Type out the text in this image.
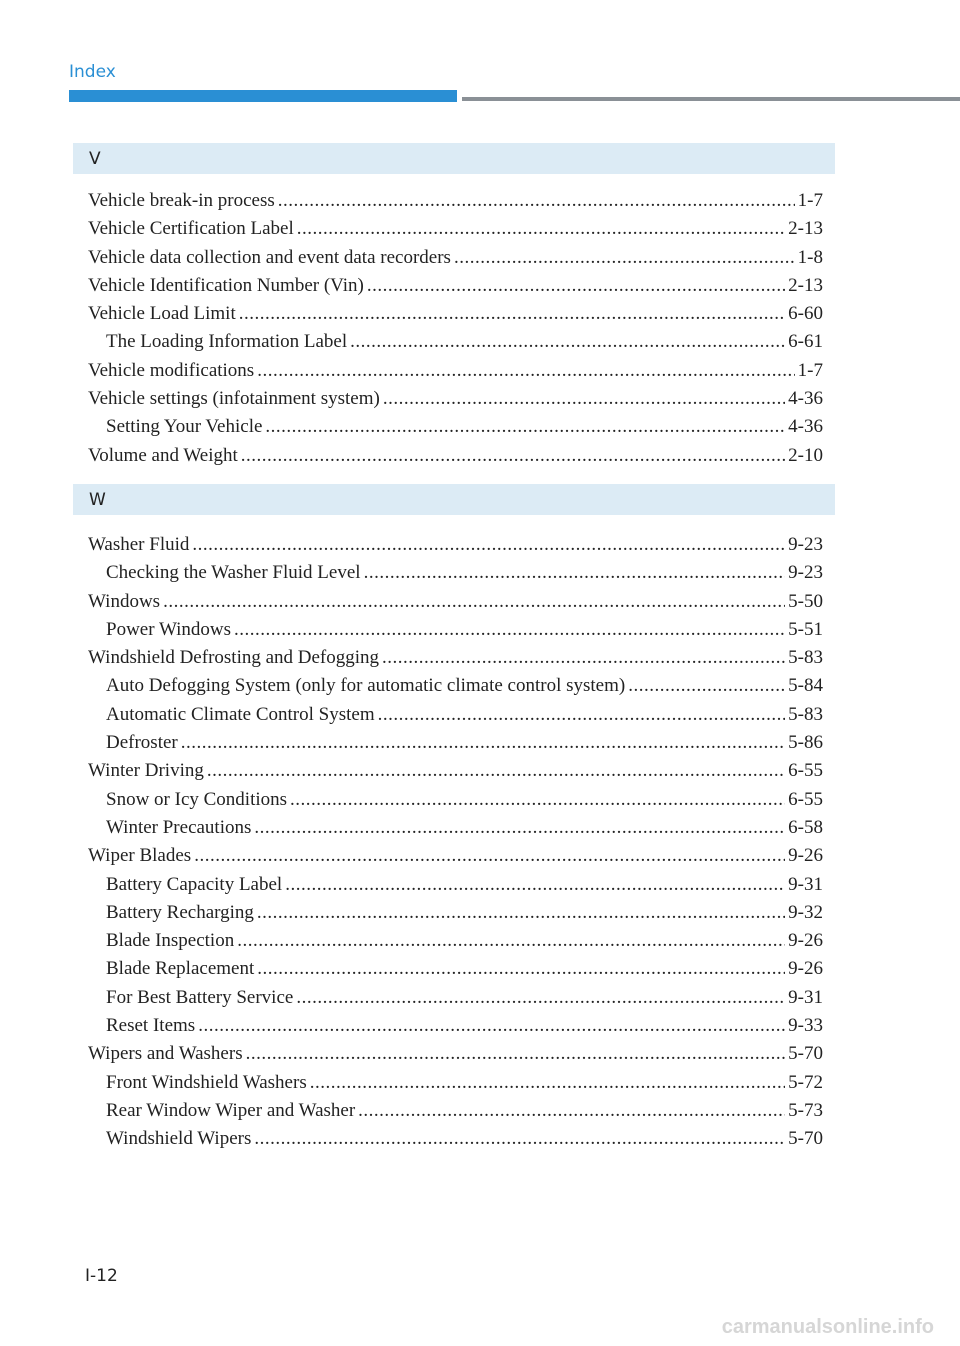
Index
V
Vehicle break-in process .....	1-7
Vehicle Certification Label .....	2-13
Vehicle data collection and event data recorders .....	1-8
Vehicle Identification Number (Vin) .....	2-13
Vehicle Load Limit .....	6-60
The Loading Information Label .....	6-61
Vehicle modifications .....	1-7
Vehicle settings (infotainment system) .....	4-36
Setting Your Vehicle .....	4-36
Volume and Weight .....	2-10
W
Washer Fluid .....	9-23
Checking the Washer Fluid Level .....	9-23
Windows .....	5-50
Power Windows .....	5-51
Windshield Defrosting and Defogging .....	5-83
Auto Defogging System (only for automatic climate control system) .....	5-84
Automatic Climate Control System .....	5-83
Defroster .....	5-86
Winter Driving .....	6-55
Snow or Icy Conditions .....	6-55
Winter Precautions .....	6-58
Wiper Blades .....	9-26
Battery Capacity Label .....	9-31
Battery Recharging .....	9-32
Blade Inspection .....	9-26
Blade Replacement .....	9-26
For Best Battery Service .....	9-31
Reset Items .....	9-33
Wipers and Washers .....	5-70
Front Windshield Washers .....	5-72
Rear Window Wiper and Washer .....	5-73
Windshield Wipers .....	5-70
I-12
carmanualsonline.info
